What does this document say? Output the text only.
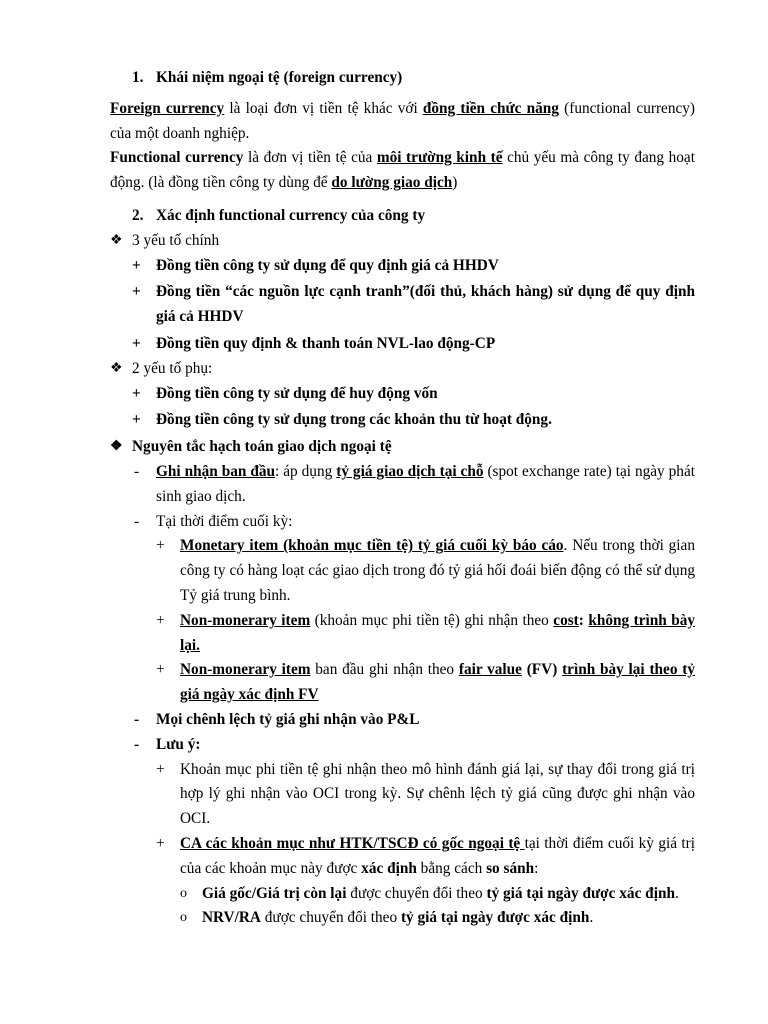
1. Khái niệm ngoại tệ (foreign currency)
Foreign currency là loại đơn vị tiền tệ khác với đồng tiền chức năng (functional currency) của một doanh nghiệp.
Functional currency là đơn vị tiền tệ của môi trường kinh tế chủ yếu mà công ty đang hoạt động. (là đồng tiền công ty dùng để do lường giao dịch)
2. Xác định functional currency của công ty
❖ 3 yếu tố chính
+ Đồng tiền công ty sử dụng để quy định giá cả HHDV
+ Đồng tiền “các nguồn lực cạnh tranh”(đối thủ, khách hàng) sử dụng để quy định giá cả HHDV
+ Đồng tiền quy định & thanh toán NVL-lao động-CP
❖ 2 yếu tố phụ:
+ Đồng tiền công ty sử dụng để huy động vốn
+ Đồng tiền công ty sử dụng trong các khoản thu từ hoạt động.
❖ Nguyên tắc hạch toán giao dịch ngoại tệ
- Ghi nhận ban đầu: áp dụng tỷ giá giao dịch tại chỗ (spot exchange rate) tại ngày phát sinh giao dịch.
- Tại thời điểm cuối kỳ:
+ Monetary item (khoản mục tiền tệ) tỷ giá cuối kỳ báo cáo. Nếu trong thời gian công ty có hàng loạt các giao dịch trong đó tỷ giá hối đoái biến động có thể sử dụng Tỷ giá trung bình.
+ Non-monerary item (khoản mục phi tiền tệ) ghi nhận theo cost: không trình bày lại.
+ Non-monerary item ban đầu ghi nhận theo fair value (FV) trình bày lại theo tỷ giá ngày xác định FV
- Mọi chênh lệch tỷ giá ghi nhận vào P&L
- Lưu ý:
+ Khoản mục phi tiền tệ ghi nhận theo mô hình đánh giá lại, sự thay đổi trong giá trị hợp lý ghi nhận vào OCI trong kỳ. Sự chênh lệch tỷ giá cũng được ghi nhận vào OCI.
+ CA các khoản mục như HTK/TSCĐ có gốc ngoại tệ tại thời điểm cuối kỳ giá trị của các khoản mục này được xác định bằng cách so sánh:
o Giá gốc/Giá trị còn lại được chuyển đổi theo tỷ giá tại ngày được xác định.
o NRV/RA được chuyển đổi theo tỷ giá tại ngày được xác định.
